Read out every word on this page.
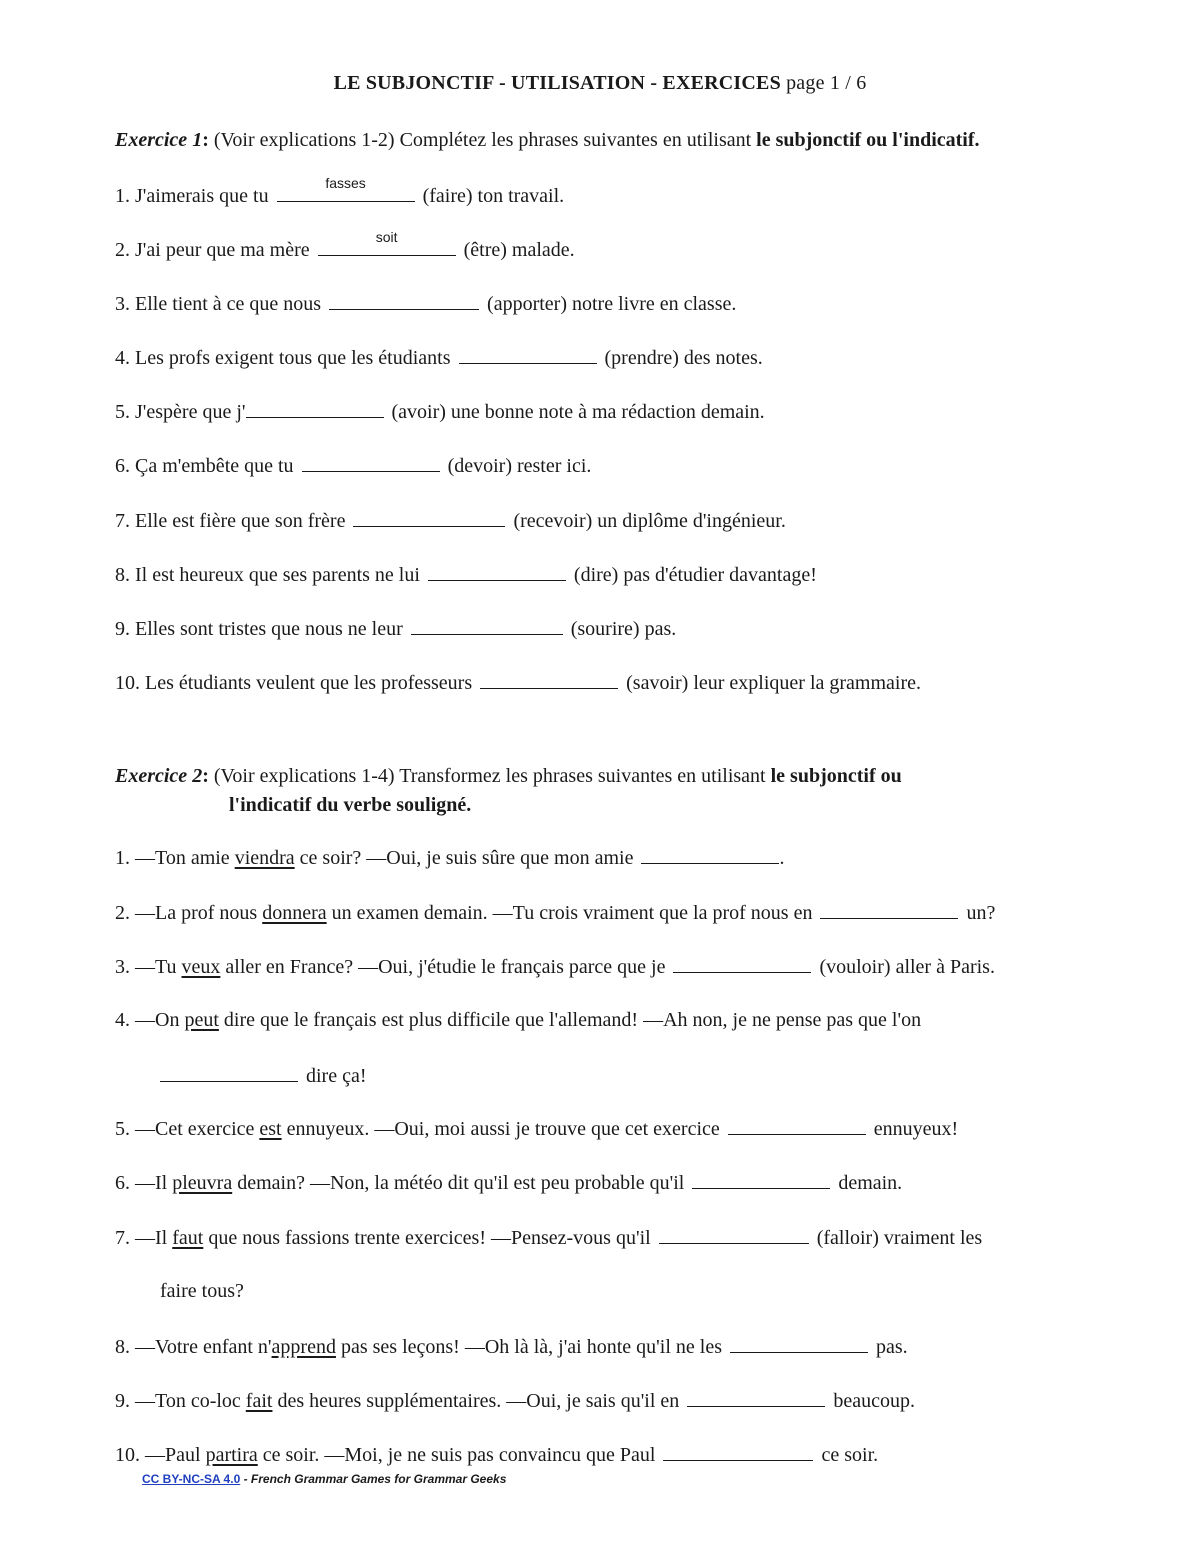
LE SUBJONCTIF - UTILISATION - EXERCICES page 1 / 6
Exercice 1: (Voir explications 1-2) Complétez les phrases suivantes en utilisant le subjonctif ou l'indicatif.
1. J'aimerais que tu
fasses
(faire) ton travail.
2. J'ai peur que ma mère
soit
(être) malade.
3. Elle tient à ce que nous	(apporter) notre livre en classe.
4. Les profs exigent tous que les étudiants	(prendre) des notes.
5. J'espère que j'	(avoir) une bonne note à ma rédaction demain.
6. Ça m'embête que tu	(devoir) rester ici.
7. Elle est fière que son frère	(recevoir) un diplôme d'ingénieur.
8. Il est heureux que ses parents ne lui	(dire) pas d'étudier davantage!
9. Elles sont tristes que nous ne leur	(sourire) pas.
10. Les étudiants veulent que les professeurs	(savoir) leur expliquer la grammaire.
Exercice 2: (Voir explications 1-4) Transformez les phrases suivantes en utilisant le subjonctif ou
l'indicatif du verbe souligné.
1. —Ton amie viendra ce soir? —Oui, je suis sûre que mon amie	.
2. —La prof nous donnera un examen demain. —Tu crois vraiment que la prof nous en	un?
3. —Tu veux aller en France? —Oui, j'étudie le français parce que je	(vouloir) aller à Paris.
4. —On peut dire que le français est plus difficile que l'allemand! —Ah non, je ne pense pas que l'on
dire ça!
5. —Cet exercice est ennuyeux. —Oui, moi aussi je trouve que cet exercice	ennuyeux!
6. —Il pleuvra demain? —Non, la météo dit qu'il est peu probable qu'il	demain.
7. —Il faut que nous fassions trente exercices! —Pensez-vous qu'il	(falloir) vraiment les
faire tous?
8. —Votre enfant n'apprend pas ses leçons! —Oh là là, j'ai honte qu'il ne les	pas.
9. —Ton co-loc fait des heures supplémentaires. —Oui, je sais qu'il en	beaucoup.
10. —Paul partira ce soir. —Moi, je ne suis pas convaincu que Paul	ce soir.
CC BY-NC-SA 4.0 - French Grammar Games for Grammar Geeks
